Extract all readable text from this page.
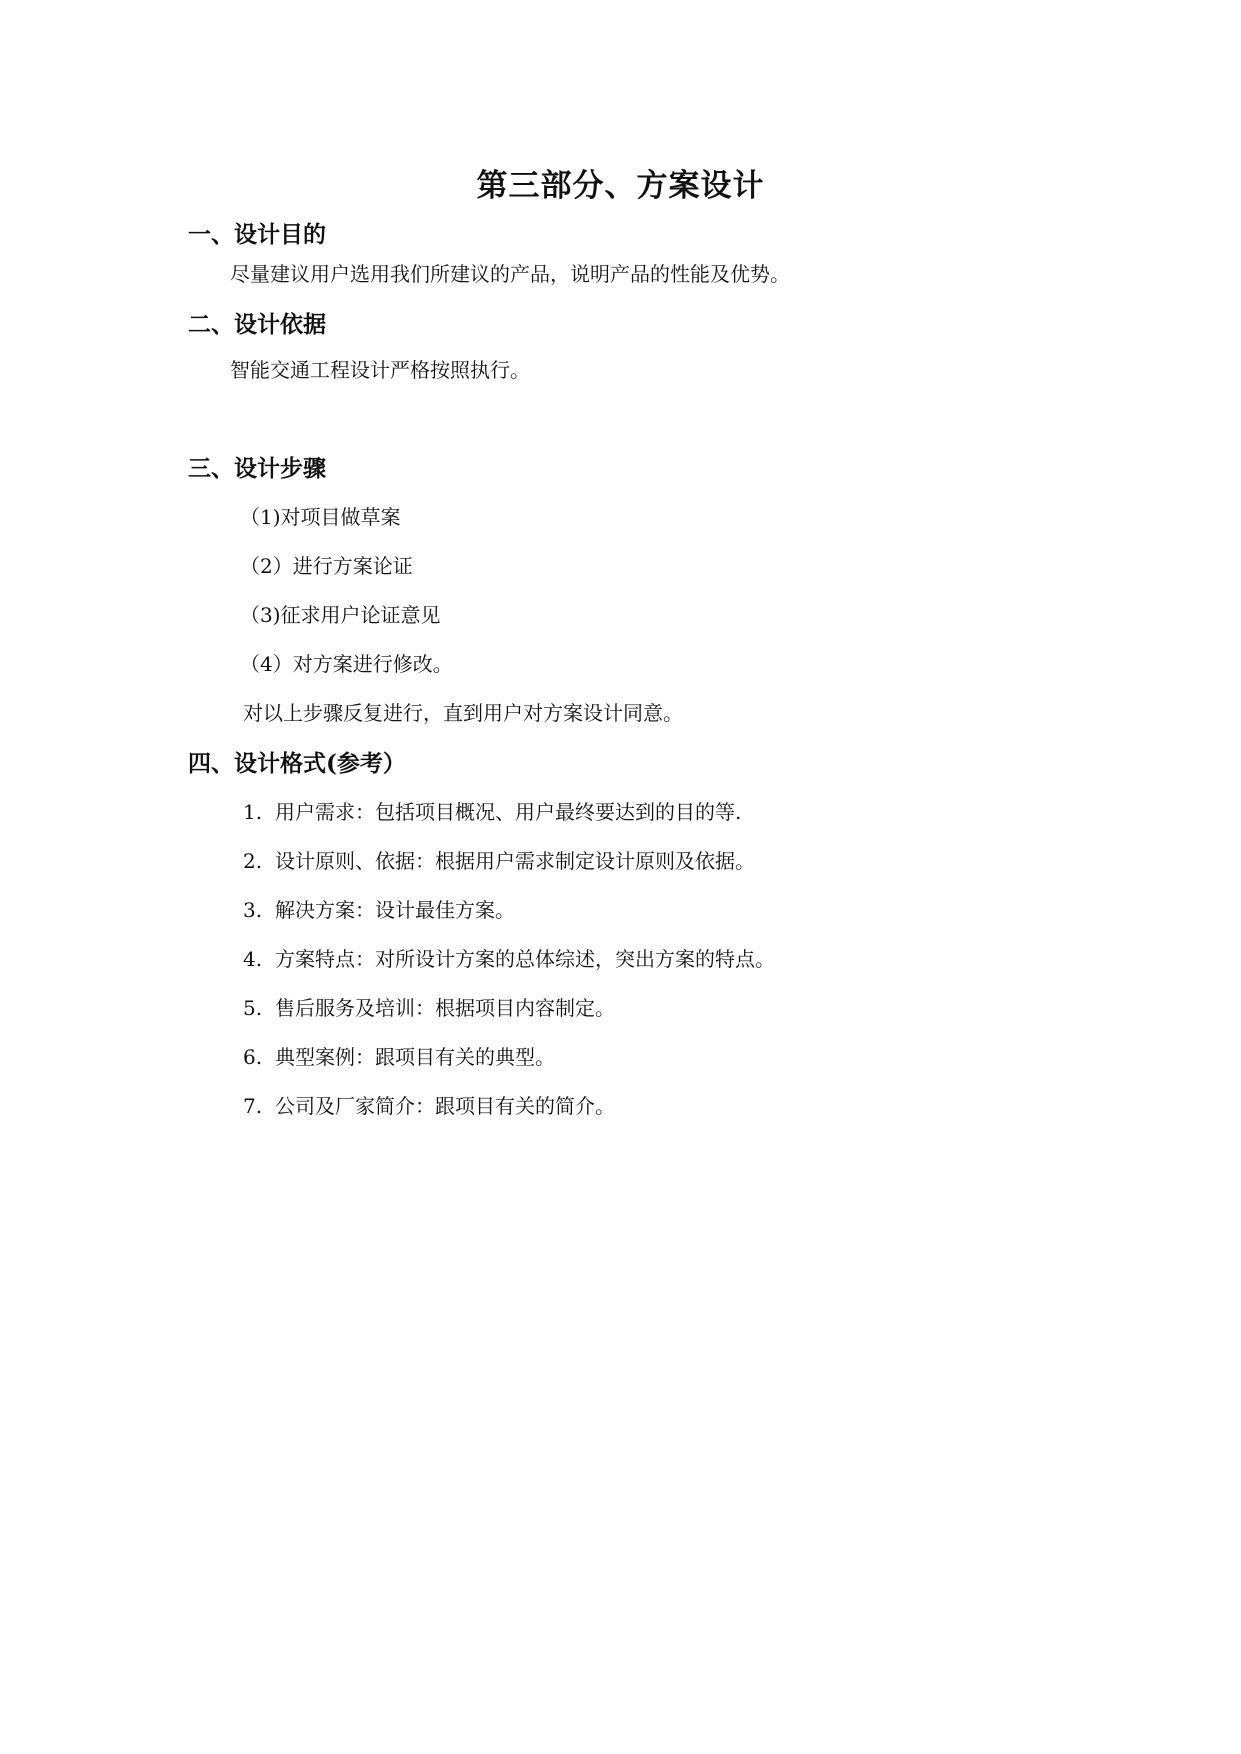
第三部分、方案设计
一、设计目的
尽量建议用户选用我们所建议的产品，说明产品的性能及优势。
二、设计依据
智能交通工程设计严格按照执行。
三、设计步骤
（1)对项目做草案
（2）进行方案论证
（3)征求用户论证意见
（4）对方案进行修改。
对以上步骤反复进行，直到用户对方案设计同意。
四、设计格式(参考）
1. 用户需求：包括项目概况、用户最终要达到的目的等.
2. 设计原则、依据：根据用户需求制定设计原则及依据。
3. 解决方案：设计最佳方案。
4. 方案特点：对所设计方案的总体综述，突出方案的特点。
5. 售后服务及培训：根据项目内容制定。
6. 典型案例：跟项目有关的典型。
7. 公司及厂家简介：跟项目有关的简介。
